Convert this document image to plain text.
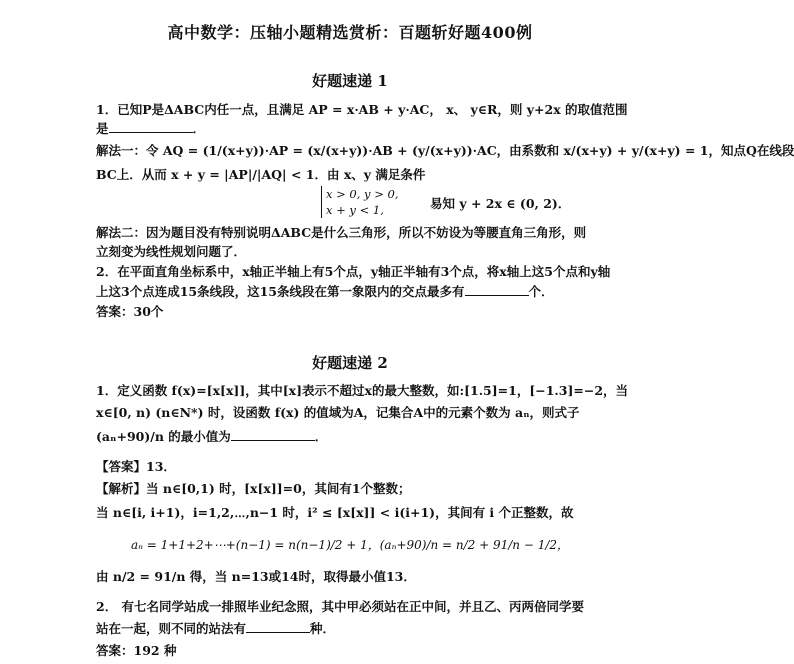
高中数学：压轴小题精选赏析：百题斩好题400例
好题速递 1
1．已知P是ΔABC内任一点，且满足 AP = x·AB + y·AC， x、 y∈R，则 y+2x 的取值范围
是	．
解法一：令 AQ = (1/(x+y))·AP = (x/(x+y))·AB + (y/(x+y))·AC，由系数和 x/(x+y) + y/(x+y) = 1，知点Q在线段
BC上．从而 x + y = |AP|/|AQ| < 1．由 x、y 满足条件
x > 0, y > 0,
x + y < 1,	易知 y + 2x ∈ (0, 2)．
解法二：因为题目没有特别说明ΔABC是什么三角形，所以不妨设为等腰直角三角形，则
立刻变为线性规划问题了．
2．在平面直角坐标系中，x轴正半轴上有5个点，y轴正半轴有3个点，将x轴上这5个点和y轴
上这3个点连成15条线段，这15条线段在第一象限内的交点最多有	个．
答案：30个
好题速递 2
1．定义函数 f(x)=[x[x]]，其中[x]表示不超过x的最大整数，如:[1.5]=1，[−1.3]=−2，当
x∈[0, n) (n∈N*) 时，设函数 f(x) 的值域为A，记集合A中的元素个数为 aₙ，则式子
(aₙ+90)/n 的最小值为	．
【答案】13．
【解析】当 n∈[0,1) 时，[x[x]]=0，其间有1个整数；
当 n∈[i, i+1)，i=1,2,⋯,n−1 时，i² ≤ [x[x]] < i(i+1)，其间有 i 个正整数，故
aₙ = 1+1+2+⋯+(n−1) = n(n−1)/2 + 1，(aₙ+90)/n = n/2 + 91/n − 1/2，
由 n/2 = 91/n 得，当 n=13或14时，取得最小值13．
2． 有七名同学站成一排照毕业纪念照，其中甲必须站在正中间，并且乙、丙两倍同学要
站在一起，则不同的站法有	种．
答案：192 种
